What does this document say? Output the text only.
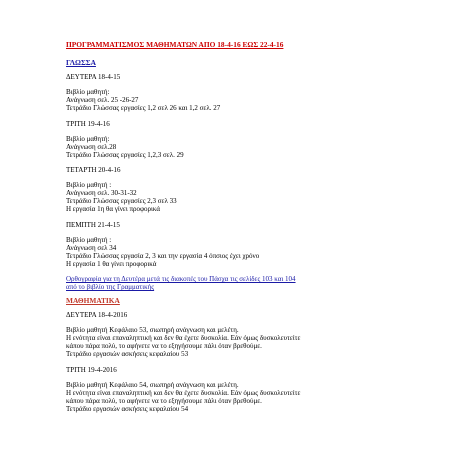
ΠΡΟΓΡΑΜΜΑΤΙΣΜΟΣ ΜΑΘΗΜΑΤΩΝ ΑΠΟ 18-4-16 ΕΩΣ 22-4-16
ΓΛΩΣΣΑ
ΔΕΥΤΕΡΑ 18-4-15
Βιβλίο μαθητή:
Ανάγνωση σελ. 25 -26-27
Τετράδιο Γλώσσας εργασίες 1,2 σελ 26 και 1,2 σελ. 27
ΤΡΙΤΗ 19-4-16
Βιβλίο μαθητή:
Ανάγνωση σελ.28
Τετράδιο Γλώσσας εργασίες 1,2,3 σελ. 29
ΤΕΤΑΡΤΗ 20-4-16
Βιβλίο μαθητή :
Ανάγνωση σελ. 30-31-32
Τετράδιο Γλώσσας εργασίες 2,3 σελ 33
Η εργασία 1η θα γίνει προφορικά
ΠΕΜΠΤΗ 21-4-15
Βιβλίο μαθητή :
Ανάγνωση σελ 34
Τετράδιο Γλώσσας εργασία 2, 3 και την εργασία 4 όπσιος έχει χρόνο
Η εργασία 1 θα γίνει προφορικά
Ορθογραφία για τη Δευτέρα μετά τις διακοπές του Πάσχα τις σελίδες 103 και 104
από το βιβλίο της Γραμματικής
ΜΑΘΗΜΑΤΙΚΑ
ΔΕΥΤΕΡΑ 18-4-2016
Βιβλίο μαθητή Κεφάλαιο 53, σιωπηρή ανάγνωση και μελέτη.
Η ενότητα είναι επαναληπτική και δεν θα έχετε δυσκολία. Εάν όμως δυσκολευτείτε
κάπου πάρα πολύ, το αφήνετε να το εξηγήσουμε πάλι όταν βρεθούμε.
Τετράδιο εργασιών ασκήσεις κεφαλαίου 53
ΤΡΙΤΗ 19-4-2016
Βιβλίο μαθητή Κεφάλαιο 54, σιωπηρή ανάγνωση και μελέτη.
Η ενότητα είναι επαναληπτική και δεν θα έχετε δυσκολία. Εάν όμως δυσκολευτείτε
κάπου πάρα πολύ, το αφήνετε να το εξηγήσουμε πάλι όταν βρεθούμε.
Τετράδιο εργασιών ασκήσεις κεφαλαίου 54
